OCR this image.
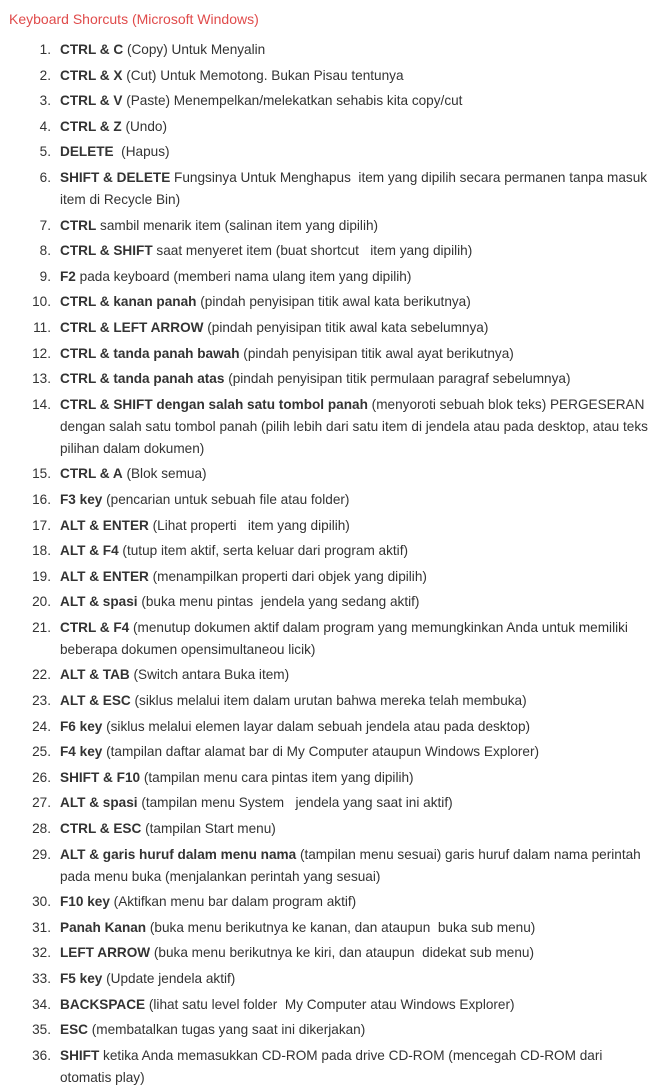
Keyboard Shorcuts (Microsoft Windows)
1. CTRL & C (Copy) Untuk Menyalin
2. CTRL & X (Cut) Untuk Memotong. Bukan Pisau tentunya
3. CTRL & V (Paste) Menempelkan/melekatkan sehabis kita copy/cut
4. CTRL & Z (Undo)
5. DELETE  (Hapus)
6. SHIFT & DELETE Fungsinya Untuk Menghapus  item yang dipilih secara permanen tanpa masuk item di Recycle Bin)
7. CTRL sambil menarik item (salinan item yang dipilih)
8. CTRL & SHIFT saat menyeret item (buat shortcut   item yang dipilih)
9. F2 pada keyboard (memberi nama ulang item yang dipilih)
10. CTRL & kanan panah (pindah penyisipan titik awal kata berikutnya)
11. CTRL & LEFT ARROW (pindah penyisipan titik awal kata sebelumnya)
12. CTRL & tanda panah bawah (pindah penyisipan titik awal ayat berikutnya)
13. CTRL & tanda panah atas (pindah penyisipan titik permulaan paragraf sebelumnya)
14. CTRL & SHIFT dengan salah satu tombol panah (menyoroti sebuah blok teks) PERGESERAN dengan salah satu tombol panah (pilih lebih dari satu item di jendela atau pada desktop, atau teks pilihan dalam dokumen)
15. CTRL & A (Blok semua)
16. F3 key (pencarian untuk sebuah file atau folder)
17. ALT & ENTER (Lihat properti   item yang dipilih)
18. ALT & F4 (tutup item aktif, serta keluar dari program aktif)
19. ALT & ENTER (menampilkan properti dari objek yang dipilih)
20. ALT & spasi (buka menu pintas  jendela yang sedang aktif)
21. CTRL & F4 (menutup dokumen aktif dalam program yang memungkinkan Anda untuk memiliki beberapa dokumen opensimultaneou licik)
22. ALT & TAB (Switch antara Buka item)
23. ALT & ESC (siklus melalui item dalam urutan bahwa mereka telah membuka)
24. F6 key (siklus melalui elemen layar dalam sebuah jendela atau pada desktop)
25. F4 key (tampilan daftar alamat bar di My Computer ataupun Windows Explorer)
26. SHIFT & F10 (tampilan menu cara pintas item yang dipilih)
27. ALT & spasi (tampilan menu System   jendela yang saat ini aktif)
28. CTRL & ESC (tampilan Start menu)
29. ALT & garis huruf dalam menu nama (tampilan menu sesuai) garis huruf dalam nama perintah pada menu buka (menjalankan perintah yang sesuai)
30. F10 key (Aktifkan menu bar dalam program aktif)
31. Panah Kanan (buka menu berikutnya ke kanan, dan ataupun  buka sub menu)
32. LEFT ARROW (buka menu berikutnya ke kiri, dan ataupun  didekat sub menu)
33. F5 key (Update jendela aktif)
34. BACKSPACE (lihat satu level folder  My Computer atau Windows Explorer)
35. ESC (membatalkan tugas yang saat ini dikerjakan)
36. SHIFT ketika Anda memasukkan CD-ROM pada drive CD-ROM (mencegah CD-ROM dari otomatis play)
